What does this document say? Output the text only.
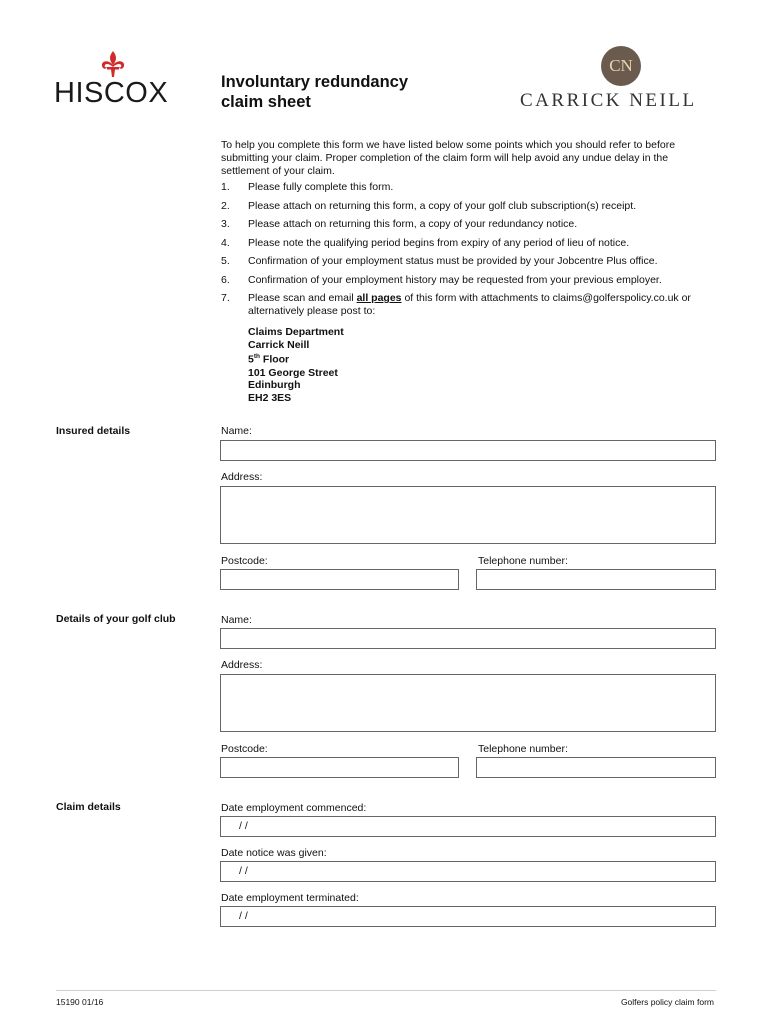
HISCOX	Involuntary redundancy
claim sheet
CN
CARRICK NEILL
To help you complete this form we have listed below some points which you should refer to before submitting your claim. Proper completion of the claim form will help avoid any undue delay in the settlement of your claim.
1.	Please fully complete this form.
2.	Please attach on returning this form, a copy of your golf club subscription(s) receipt.
3.	Please attach on returning this form, a copy of your redundancy notice.
4.	Please note the qualifying period begins from expiry of any period of lieu of notice.
5.	Confirmation of your employment status must be provided by your Jobcentre Plus office.
6.	Confirmation of your employment history may be requested from your previous employer.
7.	Please scan and email all pages of this form with attachments to claims@golferspolicy.co.uk or alternatively please post to:
Claims Department
Carrick Neill
5th Floor
101 George Street
Edinburgh
EH2 3ES
Insured details	Name:
Address:
Postcode:	Telephone number:
Details of your golf club	Name:
Address:
Postcode:	Telephone number:
Claim details	Date employment commenced:
/ /
Date notice was given:
/ /
Date employment terminated:
/ /
15190 01/16	Golfers policy claim form
